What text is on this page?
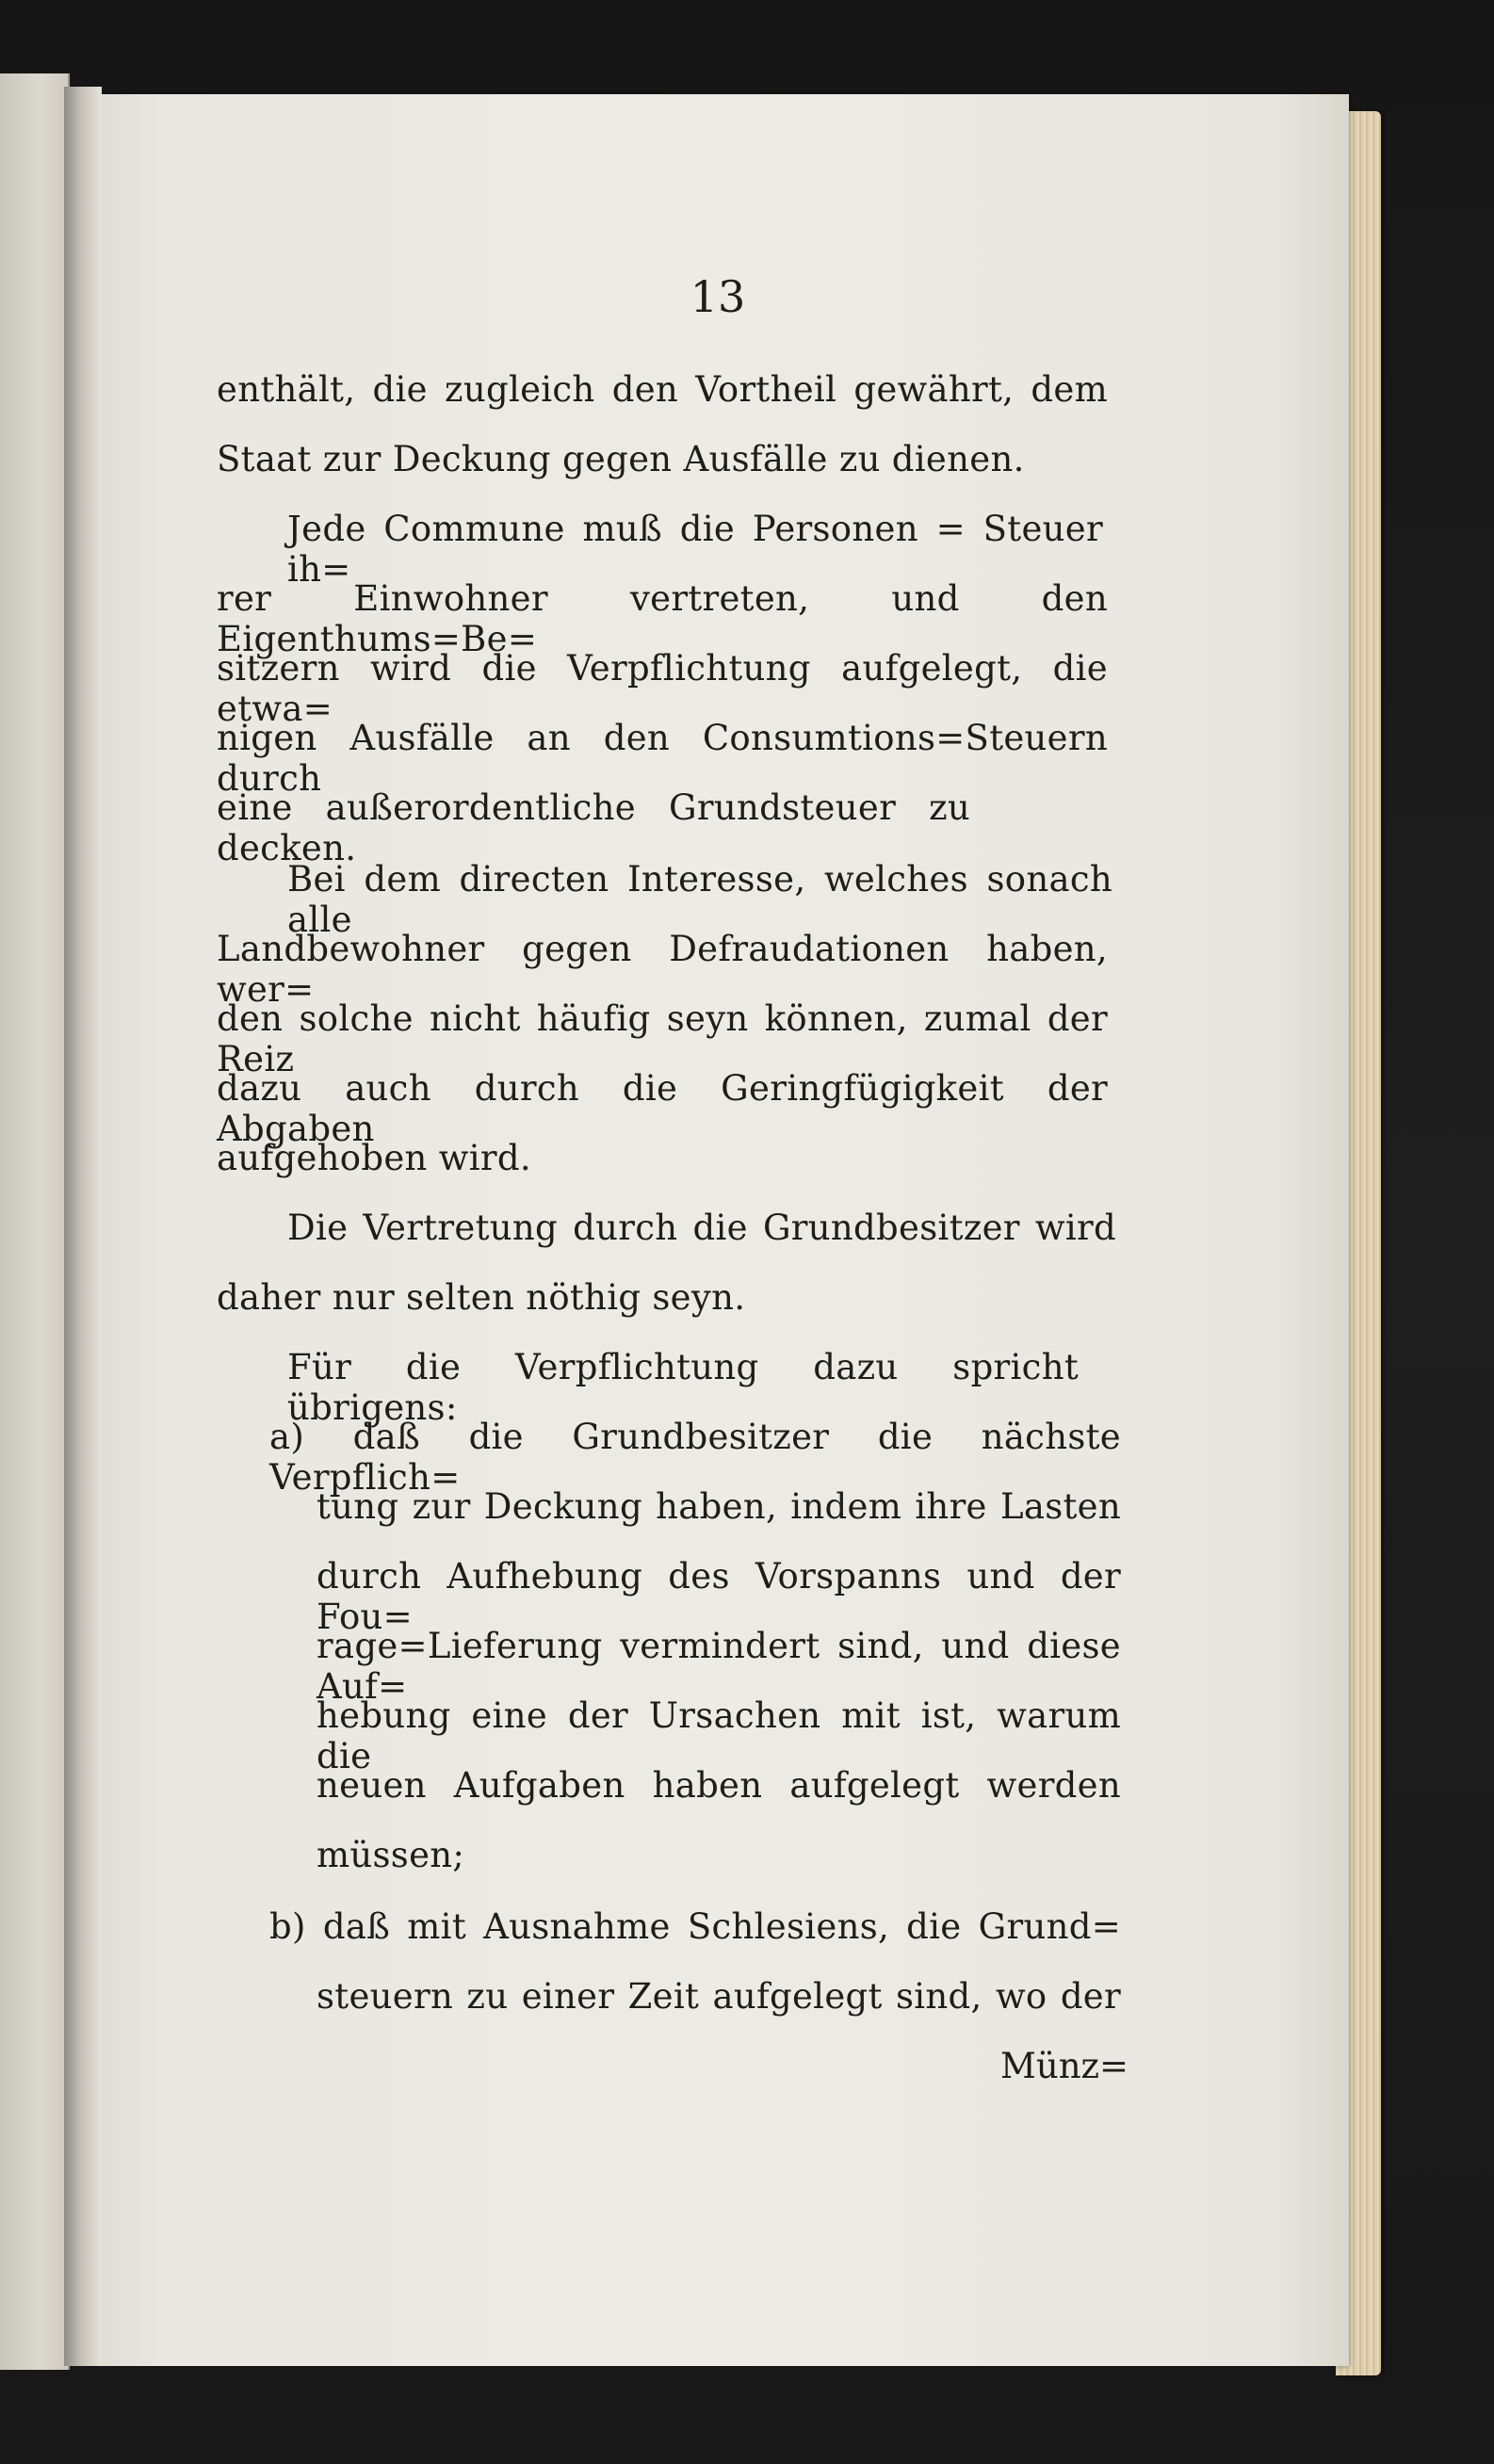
13
enthält, die zugleich den Vortheil gewährt, dem
Staat zur Deckung gegen Ausfälle zu dienen.
Jede Commune muß die Personen = Steuer ih=
rer Einwohner vertreten, und den Eigenthums=Be=
sitzern wird die Verpflichtung aufgelegt, die etwa=
nigen Ausfälle an den Consumtions=Steuern durch
eine außerordentliche Grundsteuer zu decken.
Bei dem directen Interesse, welches sonach alle
Landbewohner gegen Defraudationen haben, wer=
den solche nicht häufig seyn können, zumal der Reiz
dazu auch durch die Geringfügigkeit der Abgaben
aufgehoben wird.
Die Vertretung durch die Grundbesitzer wird
daher nur selten nöthig seyn.
Für die Verpflichtung dazu spricht übrigens:
a) daß die Grundbesitzer die nächste Verpflich=
tung zur Deckung haben, indem ihre Lasten
durch Aufhebung des Vorspanns und der Fou=
rage=Lieferung vermindert sind, und diese Auf=
hebung eine der Ursachen mit ist, warum die
neuen Aufgaben haben aufgelegt werden
müssen;
b) daß mit Ausnahme Schlesiens, die Grund=
steuern zu einer Zeit aufgelegt sind, wo der
Münz=
